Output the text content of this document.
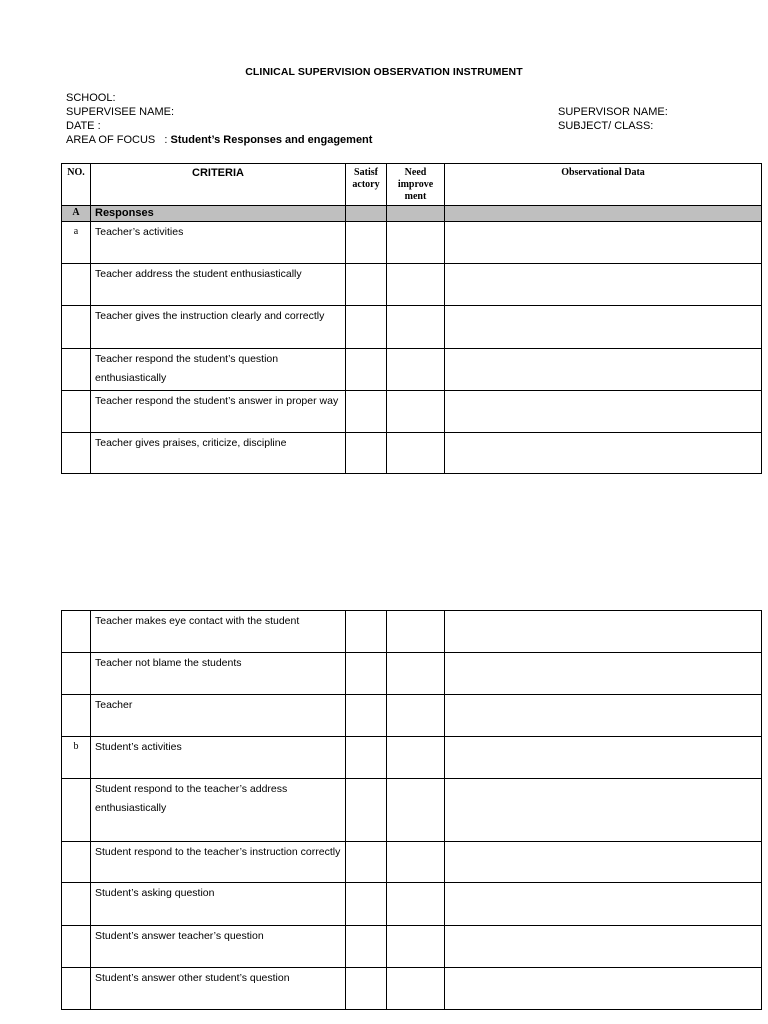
CLINICAL SUPERVISION OBSERVATION INSTRUMENT
SCHOOL:
SUPERVISEE NAME:
DATE :
AREA OF FOCUS   : Student’s Responses and engagement
SUPERVISOR NAME:
SUBJECT/ CLASS:
NO.	CRITERIA	Satisf actory	Need improve ment	Observational Data
A	Responses			
a	Teacher’s activities			
	Teacher address the student enthusiastically			
	Teacher gives the instruction clearly and correctly			
	Teacher respond the student’s question enthusiastically			
	Teacher respond the student’s answer in proper way			
	Teacher gives praises, criticize, discipline			
	Teacher makes eye contact with the student			
	Teacher not blame the students			
	Teacher			
b	Student’s activities			
	Student respond to the teacher’s address enthusiastically			
	Student respond to the teacher’s instruction correctly			
	Student’s asking question			
	Student’s answer teacher’s question			
	Student’s answer other student’s question			
